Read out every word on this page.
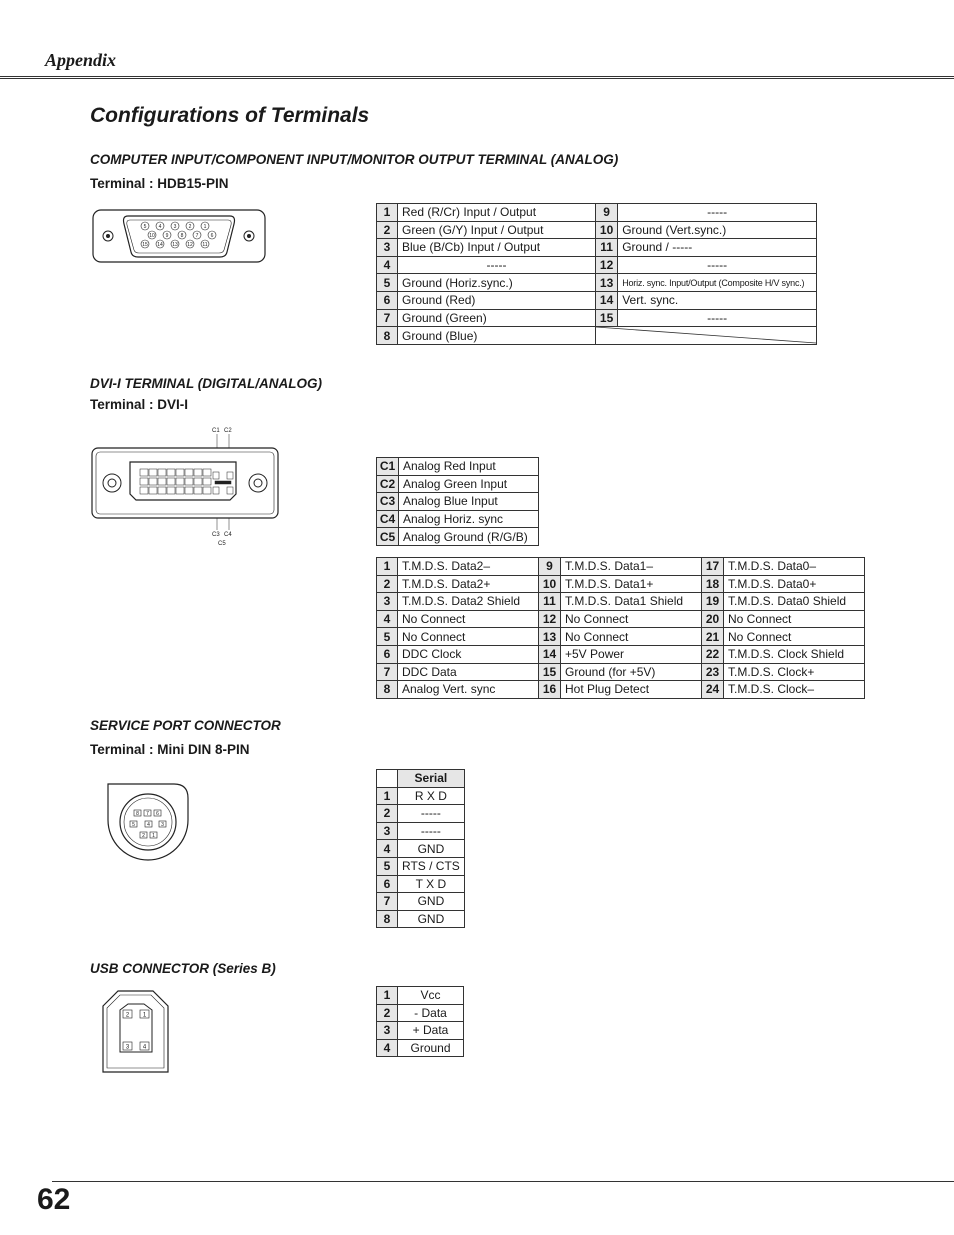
Appendix
Configurations of Terminals
COMPUTER INPUT/COMPONENT INPUT/MONITOR OUTPUT TERMINAL (ANALOG)
Terminal : HDB15-PIN
5 4 3 2 1
10 9 8 7 6
15 14 13 12 11
1	Red (R/Cr) Input / Output	9	-----
2	Green (G/Y) Input / Output	10	Ground (Vert.sync.)
3	Blue (B/Cb) Input / Output	11	Ground / -----
4	-----	12	-----
5	Ground (Horiz.sync.)	13	Horiz. sync. Input/Output (Composite H/V sync.)
6	Ground (Red)	14	Vert. sync.
7	Ground (Green)	15	-----
8	Ground (Blue)	
DVI-I TERMINAL (DIGITAL/ANALOG)
Terminal : DVI-I
C1 C2
C3 C4
C5
C1	Analog Red Input
C2	Analog Green Input
C3	Analog Blue Input
C4	Analog Horiz. sync
C5	Analog Ground (R/G/B)
1	T.M.D.S. Data2–	9	T.M.D.S. Data1–	17	T.M.D.S. Data0–
2	T.M.D.S. Data2+	10	T.M.D.S. Data1+	18	T.M.D.S. Data0+
3	T.M.D.S. Data2 Shield	11	T.M.D.S. Data1 Shield	19	T.M.D.S. Data0 Shield
4	No Connect	12	No Connect	20	No Connect
5	No Connect	13	No Connect	21	No Connect
6	DDC Clock	14	+5V Power	22	T.M.D.S. Clock Shield
7	DDC Data	15	Ground (for +5V)	23	T.M.D.S. Clock+
8	Analog Vert. sync	16	Hot Plug Detect	24	T.M.D.S. Clock–
SERVICE PORT CONNECTOR
Terminal : Mini DIN 8-PIN
8 7 6
5 4 3
2 1
	Serial
1	R X D
2	-----
3	-----
4	GND
5	RTS / CTS
6	T X D
7	GND
8	GND
USB CONNECTOR (Series B)
2 1
3 4
1	Vcc
2	- Data
3	+ Data
4	Ground
62
